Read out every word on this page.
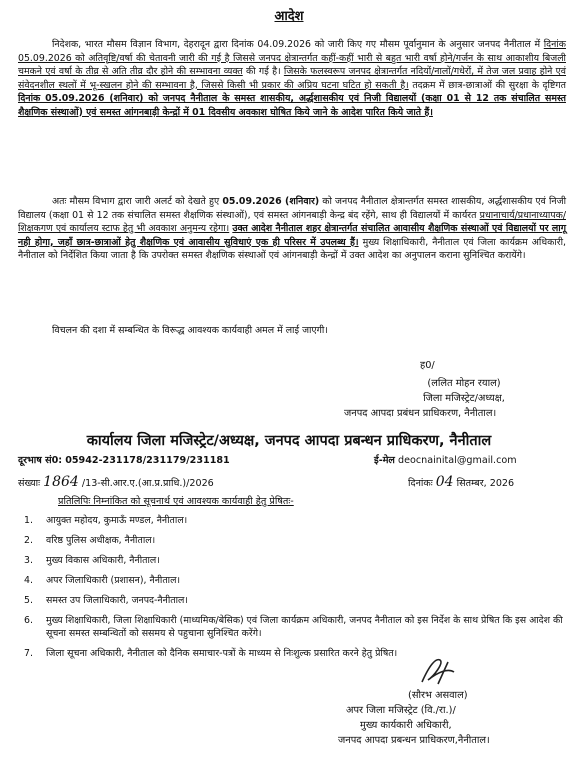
आदेश

निदेशक, भारत मौसम विज्ञान विभाग, देहरादून द्वारा दिनांक 04.09.2026 को जारी किए गए मौसम पूर्वानुमान के अनुसार जनपद नैनीताल में दिनांक 05.09.2026 को अतिवृष्टि/वर्षा की चेतावनी जारी की गई है जिससे जनपद क्षेत्रान्तर्गत कहीं-कहीं भारी से बहुत भारी वर्षा होने/गर्जन के साथ आकाशीय बिजली चमकने एवं वर्षा के तीव्र से अति तीव्र दौर होने की सम्भावना व्यक्त की गई है। जिसके फलस्वरूप जनपद क्षेत्रान्तर्गत नदियों/नालों/गधेरों, में तेज जल प्रवाह होने एवं संवेदनशील स्थलों में भू-स्खलन होने की सम्भावना है, जिससे किसी भी प्रकार की अप्रिय घटना घटित हो सकती है। तदक्रम में छात्र-छात्राओं की सुरक्षा के दृष्टिगत दिनांक 05.09.2026 (शनिवार) को जनपद नैनीताल के समस्त शासकीय, अर्द्धशासकीय एवं निजी विद्यालयों (कक्षा 01 से 12 तक संचालित समस्त शैक्षणिक संस्थाओं) एवं समस्त आंगनबाड़ी केन्द्रों में 01 दिवसीय अवकाश घोषित किये जाने के आदेश पारित किये जाते हैं।

अतः मौसम विभाग द्वारा जारी अलर्ट को देखते हुए 05.09.2026 (शनिवार) को जनपद नैनीताल क्षेत्रान्तर्गत समस्त शासकीय, अर्द्धशासकीय एवं निजी विद्यालय (कक्षा 01 से 12 तक संचालित समस्त शैक्षणिक संस्थाओं), एवं समस्त आंगनबाड़ी केन्द्र बंद रहेंगे, साथ ही विद्यालयों में कार्यरत प्रधानाचार्य/प्रधानाध्यापक/शिक्षकगण एवं कार्यालय स्टाफ हेतु भी अवकाश अनुमन्य रहेगा। उक्त आदेश नैनीताल शहर क्षेत्रान्तर्गत संचालित आवासीय शैक्षणिक संस्थाओं एवं विद्यालयों पर लागू नही होगा, जहाँ छात्र-छात्राओं हेतु शैक्षणिक एवं आवासीय सुविधाएं एक ही परिसर में उपलब्ध हैं। मुख्य शिक्षाधिकारी, नैनीताल एवं जिला कार्यक्रम अधिकारी, नैनीताल को निर्देशित किया जाता है कि उपरोक्त समस्त शैक्षणिक संस्थाओं एवं आंगनबाड़ी केन्द्रों में उक्त आदेश का अनुपालन कराना सुनिश्चित करायेंगे।

विचलन की दशा में सम्बन्धित के विरूद्ध आवश्यक कार्यवाही अमल में लाई जाएगी।

ह0/
(ललित मोहन रयाल)
जिला मजिस्ट्रेट/अध्यक्ष,
जनपद आपदा प्रबंधन प्राधिकरण, नैनीताल।
कार्यालय जिला मजिस्ट्रेट/अध्यक्ष, जनपद आपदा प्रबन्धन प्राधिकरण, नैनीताल
दूरभाष सं0: 05942-231178/231179/231181	ई-मेल deocnainital@gmail.com
संख्याः 1864 /13-सी.आर.ए.(आ.प्र.प्राधि.)/2026	दिनांकः 04 सितम्बर, 2026
प्रतिलिपिः निम्नांकित को सूचनार्थ एवं आवश्यक कार्यवाही हेतु प्रेषितः-
1.	आयुक्त महोदय, कुमाऊँ मण्डल, नैनीताल।
2.	वरिष्ठ पुलिस अधीक्षक, नैनीताल।
3.	मुख्य विकास अधिकारी, नैनीताल।
4.	अपर जिलाधिकारी (प्रशासन), नैनीताल।
5.	समस्त उप जिलाधिकारी, जनपद-नैनीताल।
6.	मुख्य शिक्षाधिकारी, जिला शिक्षाधिकारी (माध्यमिक/बेसिक) एवं जिला कार्यक्रम अधिकारी, जनपद नैनीताल को इस निर्देश के साथ प्रेषित कि इस आदेश की सूचना समस्त सम्बन्धितों को ससमय से पहुचाना सुनिश्चित करेंगे।
7.	जिला सूचना अधिकारी, नैनीताल को दैनिक समाचार-पत्रों के माध्यम से निःशुल्क प्रसारित करने हेतु प्रेषित।
(सौरभ असवाल)
अपर जिला मजिस्ट्रेट (वि./रा.)/
मुख्य कार्यकारी अधिकारी,
जनपद आपदा प्रबन्धन प्राधिकरण,नैनीताल।
